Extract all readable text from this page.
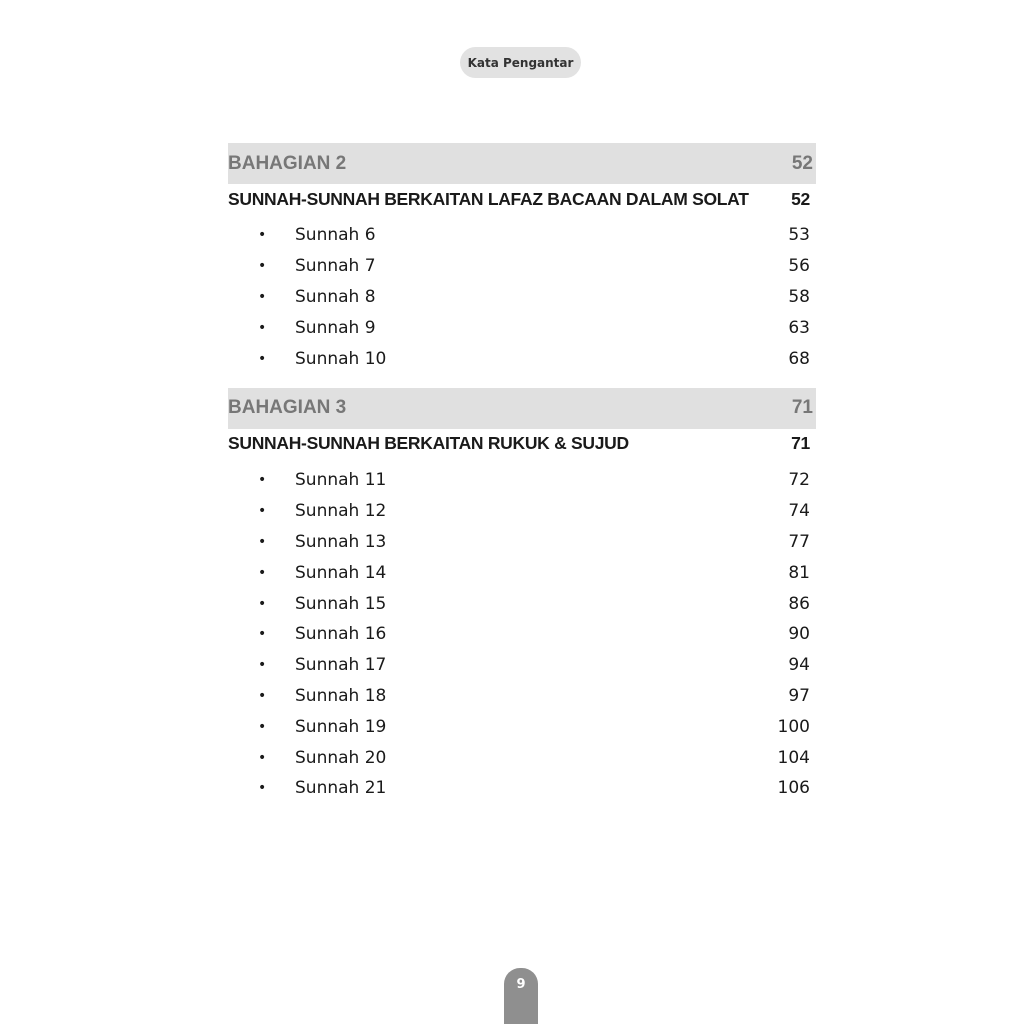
Kata Pengantar
BAHAGIAN 2	52
SUNNAH-SUNNAH BERKAITAN LAFAZ BACAAN DALAM SOLAT 52
•	Sunnah 6	53
•	Sunnah 7	56
•	Sunnah 8	58
•	Sunnah 9	63
•	Sunnah 10	68
BAHAGIAN 3	71
SUNNAH-SUNNAH BERKAITAN RUKUK & SUJUD	71
•	Sunnah 11	72
•	Sunnah 12	74
•	Sunnah 13	77
•	Sunnah 14	81
•	Sunnah 15	86
•	Sunnah 16	90
•	Sunnah 17	94
•	Sunnah 18	97
•	Sunnah 19	100
•	Sunnah 20	104
•	Sunnah 21	106
9
